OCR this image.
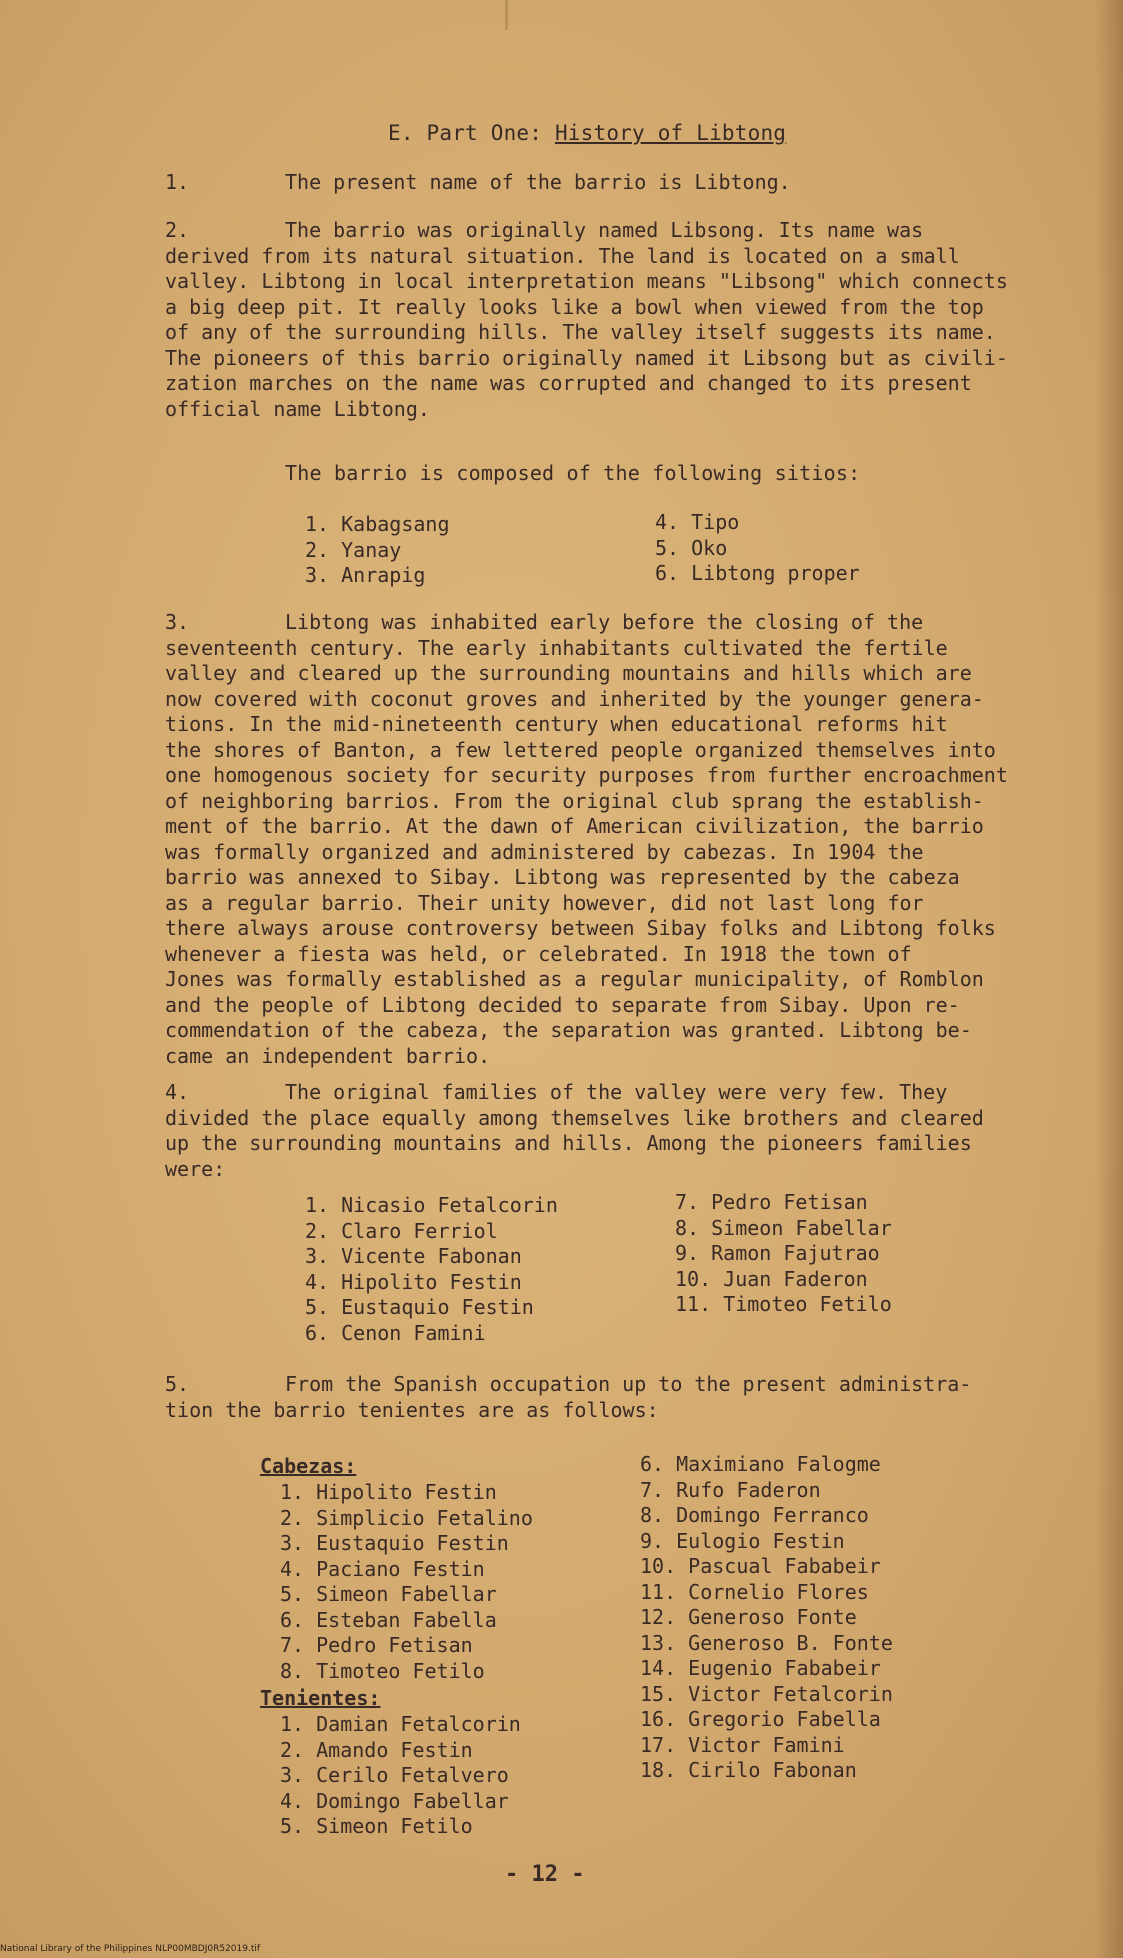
E. Part One: History of Libtong
1.	The present name of the barrio is Libtong.
2.	The barrio was originally named Libsong. Its name was
derived from its natural situation. The land is located on a small
valley. Libtong in local interpretation means "Libsong" which connects
a big deep pit. It really looks like a bowl when viewed from the top
of any of the surrounding hills. The valley itself suggests its name.
The pioneers of this barrio originally named it Libsong but as civili-
zation marches on the name was corrupted and changed to its present
official name Libtong.
The barrio is composed of the following sitios:
1. Kabagsang
2. Yanay
3. Anrapig
4. Tipo
5. Oko
6. Libtong proper
3.	Libtong was inhabited early before the closing of the
seventeenth century. The early inhabitants cultivated the fertile
valley and cleared up the surrounding mountains and hills which are
now covered with coconut groves and inherited by the younger genera-
tions. In the mid-nineteenth century when educational reforms hit
the shores of Banton, a few lettered people organized themselves into
one homogenous society for security purposes from further encroachment
of neighboring barrios. From the original club sprang the establish-
ment of the barrio. At the dawn of American civilization, the barrio
was formally organized and administered by cabezas. In 1904 the
barrio was annexed to Sibay. Libtong was represented by the cabeza
as a regular barrio. Their unity however, did not last long for
there always arouse controversy between Sibay folks and Libtong folks
whenever a fiesta was held, or celebrated. In 1918 the town of
Jones was formally established as a regular municipality, of Romblon
and the people of Libtong decided to separate from Sibay. Upon re-
commendation of the cabeza, the separation was granted. Libtong be-
came an independent barrio.
4.	The original families of the valley were very few. They
divided the place equally among themselves like brothers and cleared
up the surrounding mountains and hills. Among the pioneers families
were:
1. Nicasio Fetalcorin
2. Claro Ferriol
3. Vicente Fabonan
4. Hipolito Festin
5. Eustaquio Festin
6. Cenon Famini
7. Pedro Fetisan
8. Simeon Fabellar
9. Ramon Fajutrao
10. Juan Faderon
11. Timoteo Fetilo
5.	From the Spanish occupation up to the present administra-
tion the barrio tenientes are as follows:
Cabezas:
1. Hipolito Festin
2. Simplicio Fetalino
3. Eustaquio Festin
4. Paciano Festin
5. Simeon Fabellar
6. Esteban Fabella
7. Pedro Fetisan
8. Timoteo Fetilo
Tenientes:
1. Damian Fetalcorin
2. Amando Festin
3. Cerilo Fetalvero
4. Domingo Fabellar
5. Simeon Fetilo
6. Maximiano Falogme
7. Rufo Faderon
8. Domingo Ferranco
9. Eulogio Festin
10. Pascual Fababeir
11. Cornelio Flores
12. Generoso Fonte
13. Generoso B. Fonte
14. Eugenio Fababeir
15. Victor Fetalcorin
16. Gregorio Fabella
17. Victor Famini
18. Cirilo Fabonan
- 12 -
National Library of the Philippines NLP00MBDJ0R52019.tif
